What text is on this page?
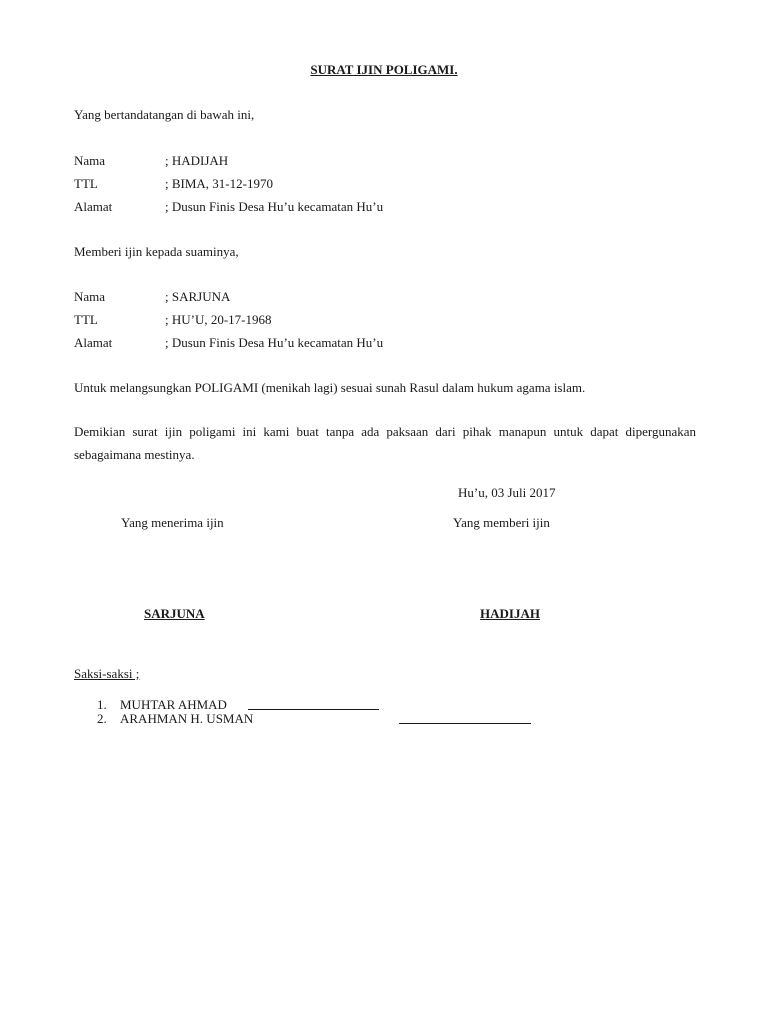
SURAT IJIN POLIGAMI.
Yang bertandatangan di bawah ini,
Nama	; HADIJAH
TTL	; BIMA, 31-12-1970
Alamat	; Dusun Finis Desa Hu’u kecamatan Hu’u
Memberi ijin kepada suaminya,
Nama	; SARJUNA
TTL	; HU’U, 20-17-1968
Alamat	; Dusun Finis Desa Hu’u kecamatan Hu’u
Untuk melangsungkan POLIGAMI (menikah lagi) sesuai sunah Rasul dalam hukum agama islam.
Demikian surat ijin poligami ini kami buat tanpa ada paksaan dari pihak manapun untuk dapat dipergunakan sebagaimana mestinya.
Hu’u, 03 Juli 2017
Yang menerima ijin	Yang memberi ijin
SARJUNA	HADIJAH
Saksi-saksi ;
1. MUHTAR AHMAD
2. ARAHMAN H. USMAN
